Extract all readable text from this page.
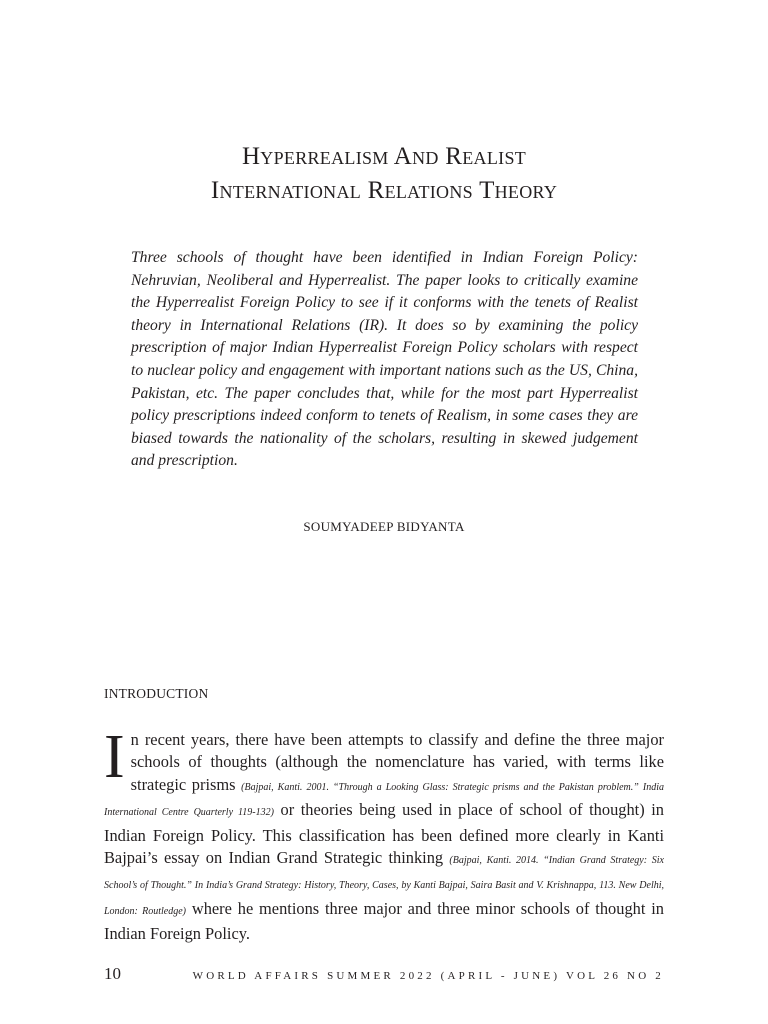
Hyperrealism And Realist
International Relations Theory

Three schools of thought have been identified in Indian Foreign Policy: Nehruvian, Neoliberal and Hyperrealist. The paper looks to critically examine the Hyperrealist Foreign Policy to see if it conforms with the tenets of Realist theory in International Relations (IR). It does so by examining the policy prescription of major Indian Hyperrealist Foreign Policy scholars with respect to nuclear policy and engagement with important nations such as the US, China, Pakistan, etc. The paper concludes that, while for the most part Hyperrealist policy prescriptions indeed conform to tenets of Realism, in some cases they are biased towards the nationality of the scholars, resulting in skewed judgement and prescription.

SOUMYADEEP BIDYANTA

INTRODUCTION

In recent years, there have been attempts to classify and define the three major schools of thoughts (although the nomenclature has varied, with terms like strategic prisms (Bajpai, Kanti. 2001. “Through a Looking Glass: Strategic prisms and the Pakistan problem.” India International Centre Quarterly 119-132) or theories being used in place of school of thought) in Indian Foreign Policy. This classification has been defined more clearly in Kanti Bajpai’s essay on Indian Grand Strategic thinking (Bajpai, Kanti. 2014. “Indian Grand Strategy: Six School’s of Thought.” In India’s Grand Strategy: History, Theory, Cases, by Kanti Bajpai, Saira Basit and V. Krishnappa, 113. New Delhi, London: Routledge) where he mentions three major and three minor schools of thought in Indian Foreign Policy.

10	WORLD AFFAIRS SUMMER 2022 (APRIL - JUNE) VOL 26 NO 2
